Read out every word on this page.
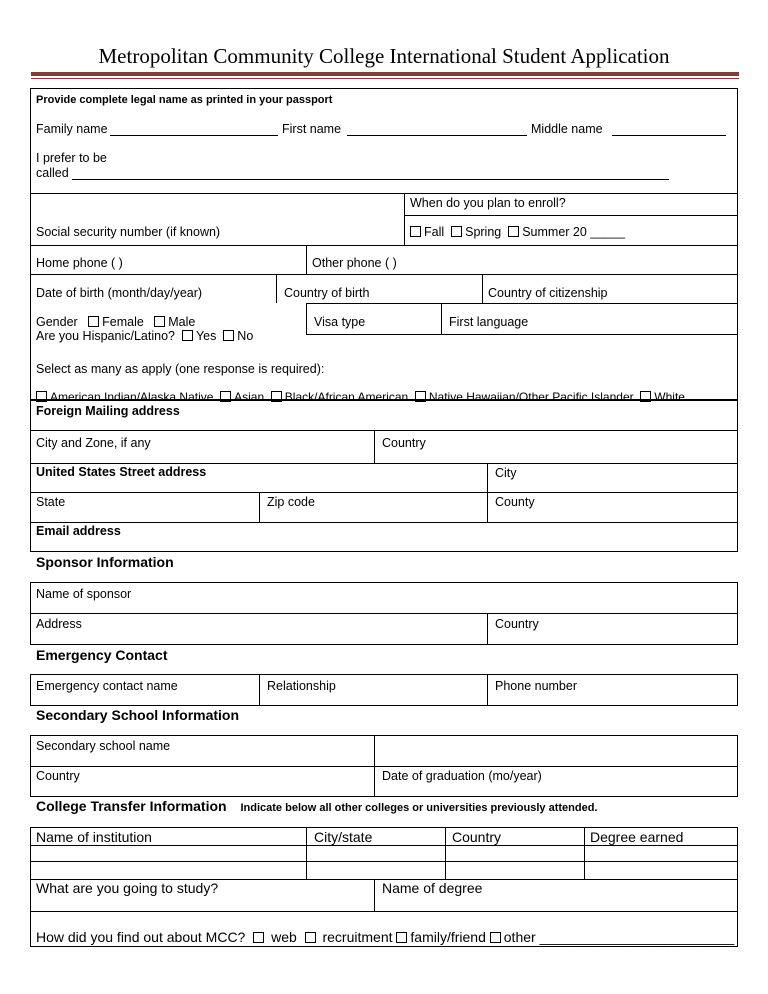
Metropolitan Community College International Student Application
Provide complete legal name as printed in your passport
Family name	First name	Middle name
I prefer to be
called
When do you plan to enroll?
Social security number (if known)	Fall Spring Summer 20 _____
Home phone ( )	Other phone ( )
Date of birth (month/day/year)	Country of birth	Country of citizenship
Gender Female Male	Visa type	First language
Are you Hispanic/Latino? Yes No
Select as many as apply (one response is required):
American Indian/Alaska Native Asian Black/African American Native Hawaiian/Other Pacific Islander White
Foreign Mailing address
City and Zone, if any	Country
United States Street address	City
State	Zip code	County
Email address
Sponsor Information
Name of sponsor
Address	Country
Emergency Contact
Emergency contact name	Relationship	Phone number
Secondary School Information
Secondary school name
Country	Date of graduation (mo/year)
College Transfer Information Indicate below all other colleges or universities previously attended.
Name of institution	City/state	Country	Degree earned
What are you going to study?	Name of degree
How did you find out about MCC? web recruitment family/friend other _________________________
